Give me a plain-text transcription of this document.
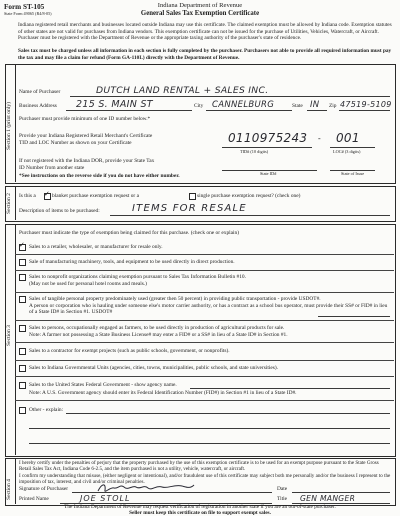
Form ST-105
State Form 49065 (R4/8-05)
Indiana Department of Revenue
General Sales Tax Exemption Certificate
Indiana registered retail merchants and businesses located outside Indiana may use this certificate. The claimed exemption must be allowed by Indiana code. Exemption statutes of other states are not valid for purchases from Indiana vendors. This exemption certificate can not be issued for the purchase of Utilities, Vehicles, Watercraft, or Aircraft. Purchaser must be registered with the Department of Revenue or the appropriate taxing authority of the purchaser's state of residence.
Sales tax must be charged unless all information in each section is fully completed by the purchaser. Purchasers not able to provide all required information must pay the tax and may file a claim for refund (Form GA-110L) directly with the Department of Revenue.
Section 1 (print only)
Name of Purchaser	DUTCH LAND RENTAL + SALES INC.
Business Address 215 S. MAIN ST	City CANNELBURG	State IN Zip 47519-5109
Purchaser must provide minimum of one ID number below.*
Provide your Indiana Registered Retail Merchant's Certificate
TID and LOC Number as shown on your Certificate	0110975243 - 001
TID# (10 digits)	LOC# (3 digits)
If not registered with the Indiana DOR, provide your State Tax
ID Number from another state
State ID#	State of Issue
*See instructions on the reverse side if you do not have either number.
Section 2 Is this a ✓ blanket purchase exemption request or a	single purchase exemption request? (check one)
Description of items to be purchased:	ITEMS FOR RESALE
Section 3
Purchaser must indicate the type of exemption being claimed for this purchase. (check one or explain)
✓ Sales to a retailer, wholesaler, or manufacturer for resale only.
Sale of manufacturing machinery, tools, and equipment to be used directly in direct production.
Sales to nonprofit organizations claiming exemption pursuant to Sales Tax Information Bulletin #10.
(May not be used for personal hotel rooms and meals.)
Sales of tangible personal property predominately used (greater then 50 percent) in providing public transportation - provide USDOT#.
A person or corporation who is hauling under someone else's motor carrier authority, or has a contract as a school bus operator, must provide their SS# or FID# in lieu of a State ID# in Section #1. USDOT#
Sales to persons, occupationally engaged as farmers, to be used directly in production of agricultural products for sale.
Note: A farmer not possessing a State Business License# may enter a FID# or a SS# in lieu of a State ID# in Section #1.
Sales to a contractor for exempt projects (such as public schools, government, or nonprofits).
Sales to Indiana Governmental Units (agencies, cities, towns, municipalities, public schools, and state universities).
Sales to the United States Federal Government - show agency name.
Note: A U.S. Government agency should enter its Federal Identification Number (FID#) in Section #1 in lieu of a State ID#.
Other - explain:
Section 4
I hereby certify under the penalties of perjury that the property purchased by the use of this exemption certificate is to be used for an exempt purpose pursuant to the State Gross Retail Sales Tax Act, Indiana Code 6-2.5, and the item purchased is not a utility, vehicle, watercraft, or aircraft.
I confirm my understanding that misuse, (either negligent or intentional), and/or fraudulent use of this certificate may subject both me personally and/or the business I represent to the imposition of tax, interest, and civil and/or criminal penalties.
Signature of Purchaser	Date
Printed Name	JOE STOLL	Title GEN MANGER
The Indiana Department of Revenue may request verification of registration in another state if you are an out-of-state purchaser.
Seller must keep this certificate on file to support exempt sales.
